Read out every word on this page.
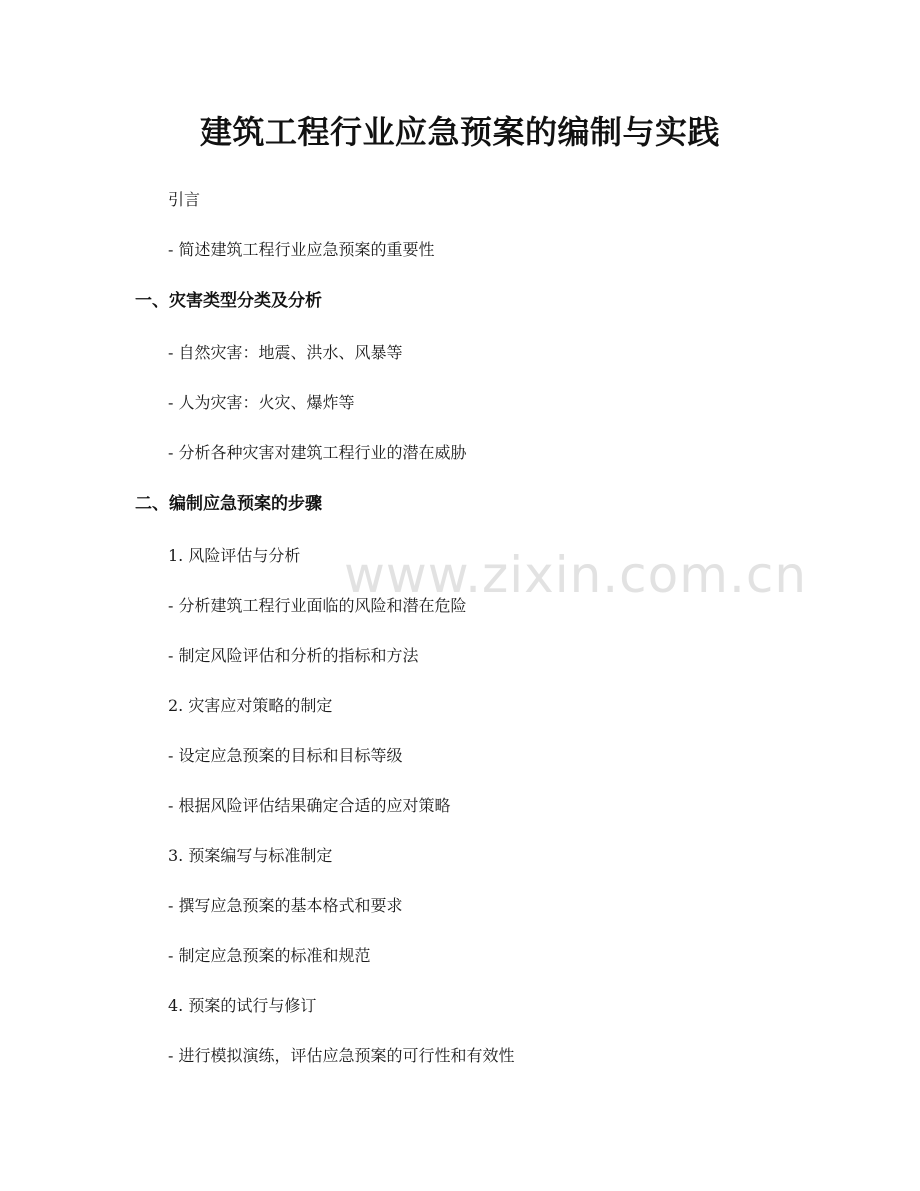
建筑工程行业应急预案的编制与实践
引言
- 简述建筑工程行业应急预案的重要性
一、灾害类型分类及分析
- 自然灾害：地震、洪水、风暴等
- 人为灾害：火灾、爆炸等
- 分析各种灾害对建筑工程行业的潜在威胁
二、编制应急预案的步骤
1. 风险评估与分析
- 分析建筑工程行业面临的风险和潜在危险
- 制定风险评估和分析的指标和方法
2. 灾害应对策略的制定
- 设定应急预案的目标和目标等级
- 根据风险评估结果确定合适的应对策略
3. 预案编写与标准制定
- 撰写应急预案的基本格式和要求
- 制定应急预案的标准和规范
4. 预案的试行与修订
- 进行模拟演练，评估应急预案的可行性和有效性
www.zixin.com.cn
